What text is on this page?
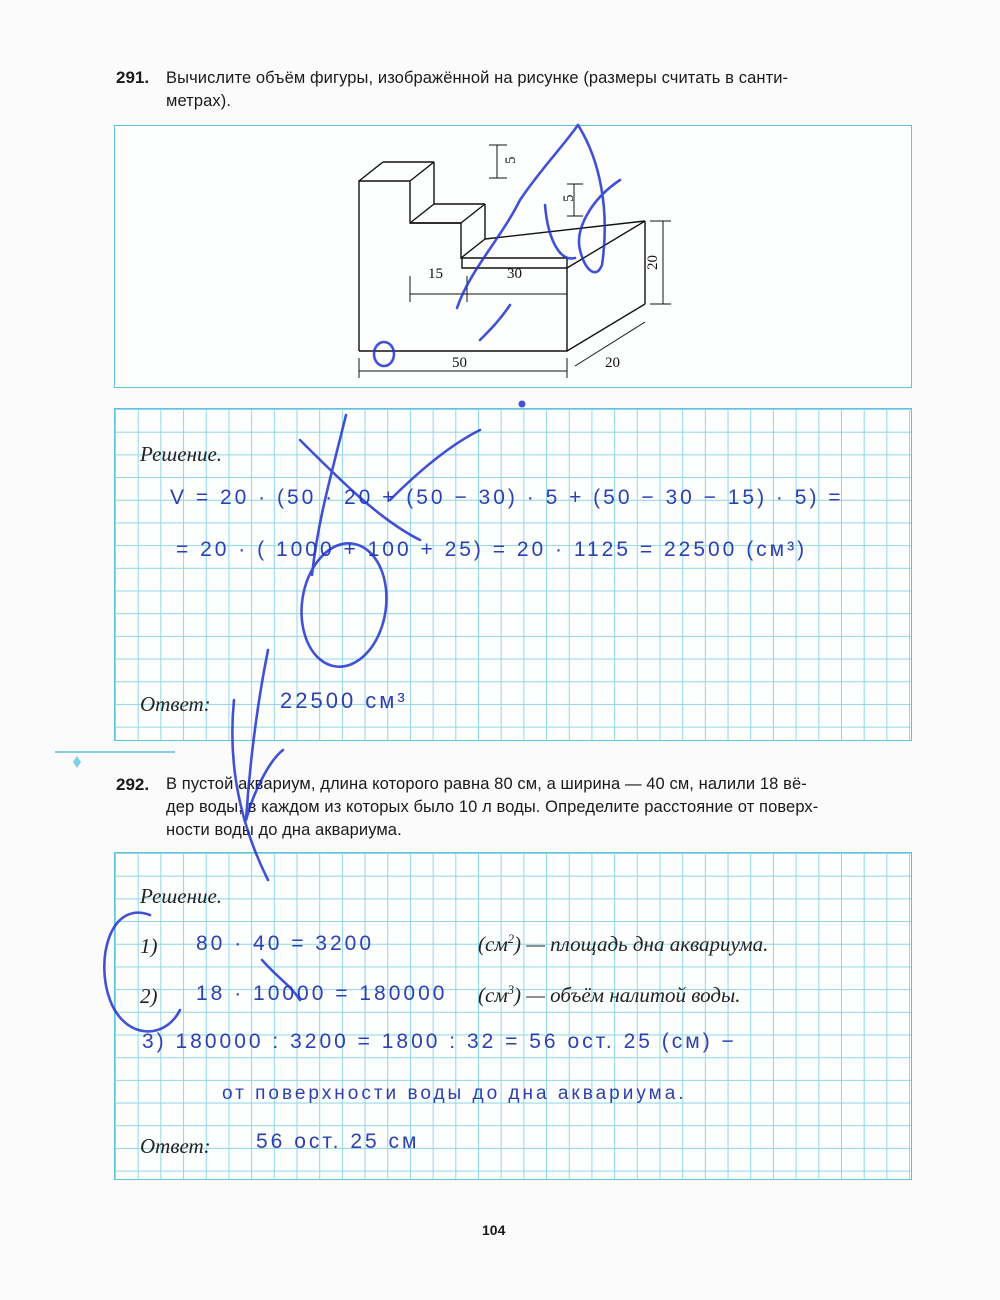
291. Вычислите объём фигуры, изображённой на рисунке (размеры считать в санти-
метрах).
50
15	30
20
20
5
5
Решение.
V = 20 · (50 · 20 + (50 − 30) · 5 + (50 − 30 − 15) · 5) =
= 20 · ( 1000 + 100 + 25) = 20 · 1125 = 22500 (см³)
Ответ:	22500 см³
292. В пустой аквариум, длина которого равна 80 см, а ширина — 40 см, налили 18 вё-
дер воды, в каждом из которых было 10 л воды. Определите расстояние от поверх-
ности воды до дна аквариума.
Решение.
1) 80 · 40 = 3200	$(см^2)$ — площадь дна аквариума.
2) 18 · 10000 = 180000 $(см^3)$ — объём налитой воды.
3) 180000 : 3200 = 1800 : 32 = 56 ост. 25 (см) −
от поверхности воды до дна аквариума.
Ответ: 56 ост. 25 см
104
